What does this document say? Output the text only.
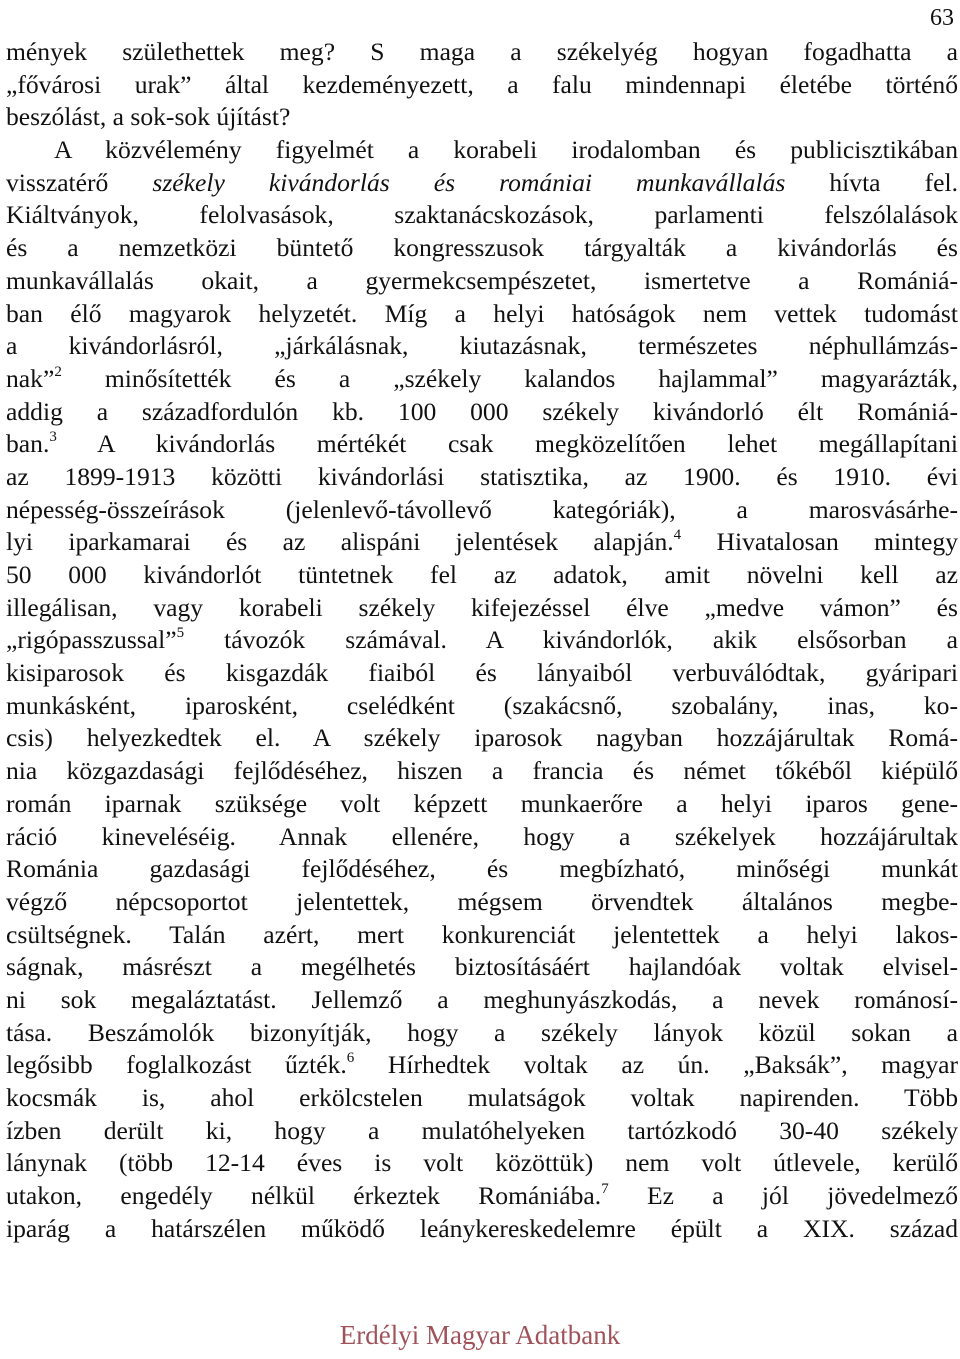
63
mények születhettek meg? S maga a székelyég hogyan fogadhatta a
„fővárosi urak” által kezdeményezett, a falu mindennapi életébe történő
beszólást, a sok-sok újítást?
A közvélemény figyelmét a korabeli irodalomban és publicisztikában
visszatérő székely kivándorlás és romániai munkavállalás hívta fel.
Kiáltványok, felolvasások, szaktanácskozások, parlamenti felszólalások
és a nemzetközi büntető kongresszusok tárgyalták a kivándorlás és
munkavállalás okait, a gyermekcsempészetet, ismertetve a Romániá-
ban élő magyarok helyzetét. Míg a helyi hatóságok nem vettek tudomást
a kivándorlásról, „járkálásnak, kiutazásnak, természetes néphullámzás-
nak”$^2$ minősítették és a „székely kalandos hajlammal” magyarázták,
addig a századfordulón kb. 100 000 székely kivándorló élt Romániá-
ban.$^3$ A kivándorlás mértékét csak megközelítően lehet megállapítani
az 1899-1913 közötti kivándorlási statisztika, az 1900. és 1910. évi
népesség-összeírások (jelenlevő-távollevő kategóriák), a marosvásárhe-
lyi iparkamarai és az alispáni jelentések alapján.$^4$ Hivatalosan mintegy
50 000 kivándorlót tüntetnek fel az adatok, amit növelni kell az
illegálisan, vagy korabeli székely kifejezéssel élve „medve vámon” és
„rigópasszussal”$^5$ távozók számával. A kivándorlók, akik elsősorban a
kisiparosok és kisgazdák fiaiból és lányaiból verbuválódtak, gyáripari
munkásként, iparosként, cselédként (szakácsnő, szobalány, inas, ko-
csis) helyezkedtek el. A székely iparosok nagyban hozzájárultak Romá-
nia közgazdasági fejlődéséhez, hiszen a francia és német tőkéből kiépülő
román iparnak szüksége volt képzett munkaerőre a helyi iparos gene-
ráció kineveléséig. Annak ellenére, hogy a székelyek hozzájárultak
Románia gazdasági fejlődéséhez, és megbízható, minőségi munkát
végző népcsoportot jelentettek, mégsem örvendtek általános megbe-
csültségnek. Talán azért, mert konkurenciát jelentettek a helyi lakos-
ságnak, másrészt a megélhetés biztosításáért hajlandóak voltak elvisel-
ni sok megaláztatást. Jellemző a meghunyászkodás, a nevek románosí-
tása. Beszámolók bizonyítják, hogy a székely lányok közül sokan a
legősibb foglalkozást űzték.$^6$ Hírhedtek voltak az ún. „Baksák”, magyar
kocsmák is, ahol erkölcstelen mulatságok voltak napirenden. Több
ízben derült ki, hogy a mulatóhelyeken tartózkodó 30-40 székely
lánynak (több 12-14 éves is volt közöttük) nem volt útlevele, kerülő
utakon, engedély nélkül érkeztek Romániába.$^7$ Ez a jól jövedelmező
iparág a határszélen működő leánykereskedelemre épült a XIX. század
Erdélyi Magyar Adatbank
